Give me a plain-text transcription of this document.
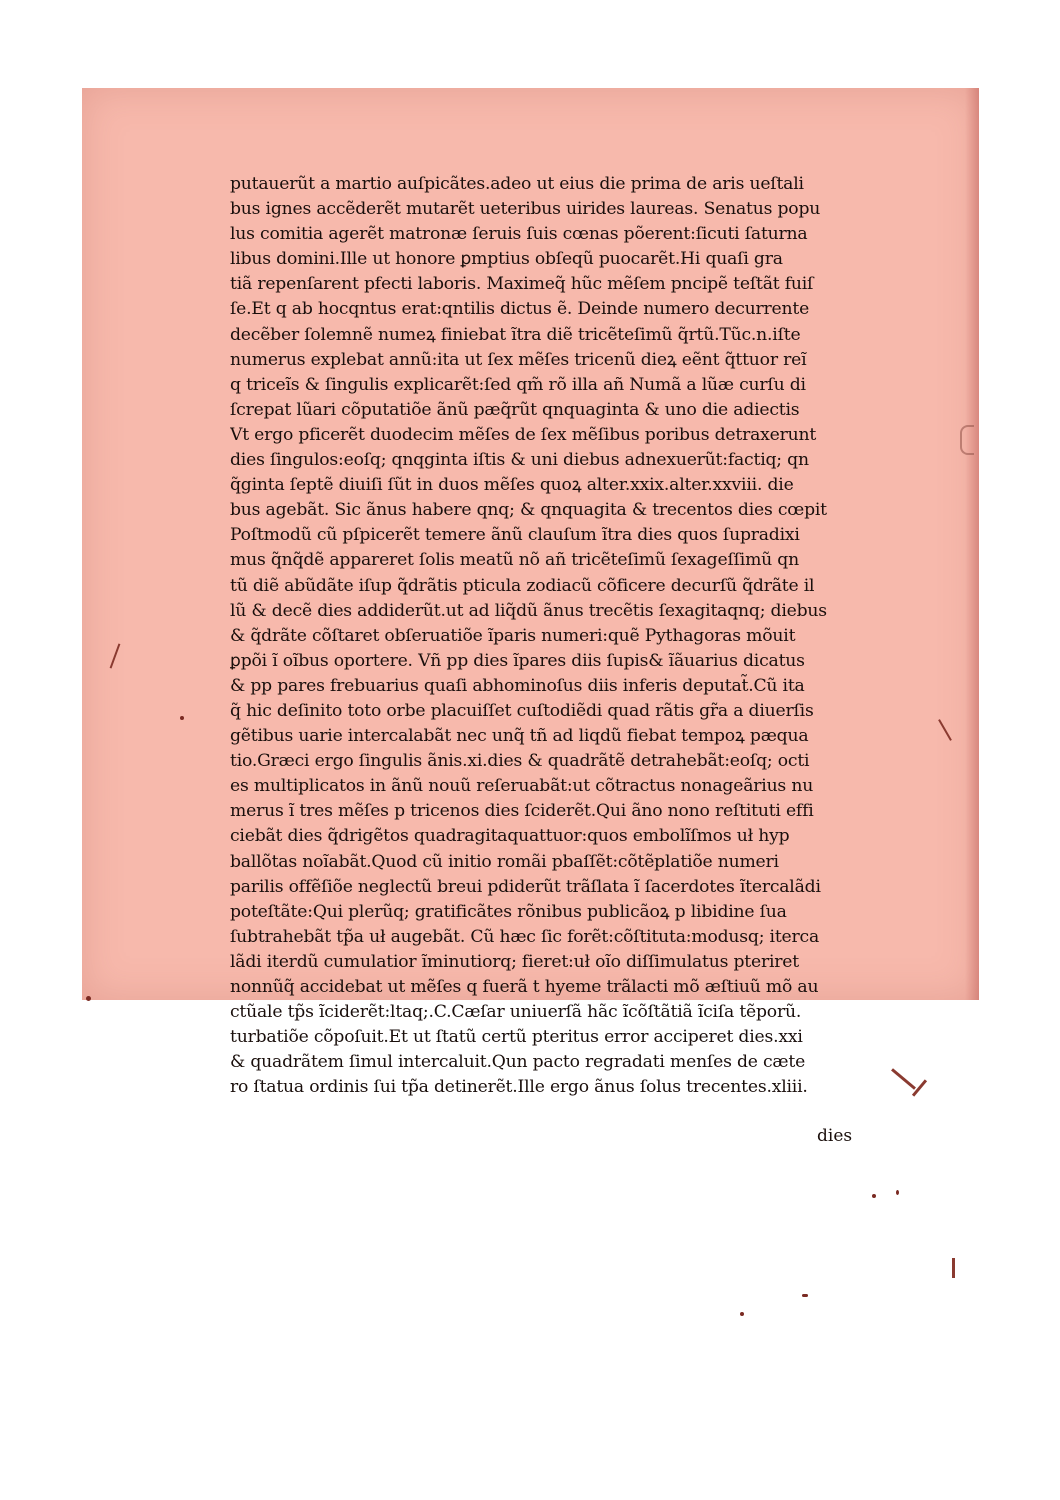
putauerũt a martio auſpicãtes.adeo ut eius die prima de aris ueſtali
bus ignes accẽderẽt mutarẽt ueteribus uirides laureas. Senatus popu
lus comitia agerẽt matronæ ſeruis ſuis cœnas põerent:ſicuti ſaturna
libus domini.Ille ut honore ꝑmptius obſeqũ puocarẽt.Hi quaſi gra
tiã repenſarent pfecti laboris. Maximeq̃ hũc mẽſem pncipẽ teſtãt fuiſ
ſe.Et q ab hocqntus erat:qntilis dictus ẽ. Deinde numero decurrente
decẽber ſolemnẽ numeꝝ finiebat ĩtra diẽ tricẽteſimũ q̃rtũ.Tũc.n.iſte
numerus explebat annũ:ita ut ſex mẽſes tricenũ dieꝝ eẽnt q̃ttuor reĩ
q triceĩs & ſingulis explicarẽt:ſed qm̃ rõ illa añ Numã a lũæ curſu di
ſcrepat lũari cõputatiõe ãnũ pæq̃rũt qnquaginta & uno die adiectis
Vt ergo pficerẽt duodecim mẽſes de ſex mẽſibus poribus detraxerunt
dies ſingulos:eoſq; qnqginta iſtis & uni diebus adnexuerũt:factiq; qn
q̃ginta ſeptẽ diuiſi ſũt in duos mẽſes quoꝝ alter.xxix.alter.xxviii. die
bus agebãt. Sic ãnus habere qnq; & qnquagita & trecentos dies cœpit
Poſtmodũ cũ pſpicerẽt temere ãnũ clauſum ĩtra dies quos ſupradixi
mus q̃nq̃dẽ appareret ſolis meatũ nõ añ tricẽteſimũ ſexageſſimũ qn
tũ diẽ abũdãte iſup q̃drãtis pticula zodiacũ cõficere decurſũ q̃drãte il
lũ & decẽ dies addiderũt.ut ad liq̃dũ ãnus trecẽtis ſexagitaqnq; diebus
& q̃drãte cõſtaret obſeruatiõe ĩparis numeri:quẽ Pythagoras mõuit
ꝑpõi ĩ oĩbus oportere. Vñ pp dies ĩpares diis ſupis& ĩãuarius dicatus
& pp pares frebuarius quaſi abhominoſus diis inferis deputat̃.Cũ ita
q̃ hic deſinito toto orbe placuiſſet cuſtodiẽdi quad rãtis gr̃a a diuerſis
gẽtibus uarie intercalabãt nec unq̃ tñ ad liqdũ fiebat tempoꝝ pæqua
tio.Græci ergo ſingulis ãnis.xi.dies & quadrãtẽ detrahebãt:eoſq; octi
es multiplicatos in ãnũ nouũ reſeruabãt:ut cõtractus nonageãrius nu
merus ĩ tres mẽſes p tricenos dies ſciderẽt.Qui ãno nono reſtituti effi
ciebãt dies q̃drigẽtos quadragitaquattuor:quos embolĩſmos uł hyp
ballõtas noĩabãt.Quod cũ initio romãi pbaſſẽt:cõtẽplatiõe numeri
parilis offẽſiõe neglectũ breui pdiderũt trãſlata ĩ ſacerdotes ĩtercalãdi
poteſtãte:Qui plerũq; gratificãtes rõnibus publicãoꝝ p libidine ſua
ſubtrahebãt tp̃a uł augebãt. Cũ hæc ſic forẽt:cõſtituta:modusq; iterca
lãdi iterdũ cumulatior ĩminutiorq; fieret:uł oĩo diſſimulatus pteriret
nonnũq̃ accidebat ut mẽſes q fuerã t hyeme trãlacti mõ æſtiuũ mõ au
ctũale tp̃s ĩciderẽt:ltaq;.C.Cæſar uniuerſã hãc ĩcõſtãtiã ĩciſa tẽporũ.
turbatiõe cõpoſuit.Et ut ſtatũ certũ pteritus error acciperet dies.xxi
& quadrãtem ſimul intercaluit.Qun pacto regradati menſes de cæte
ro ſtatua ordinis ſui tp̃a detinerẽt.Ille ergo ãnus ſolus trecentes.xliii.
dies
